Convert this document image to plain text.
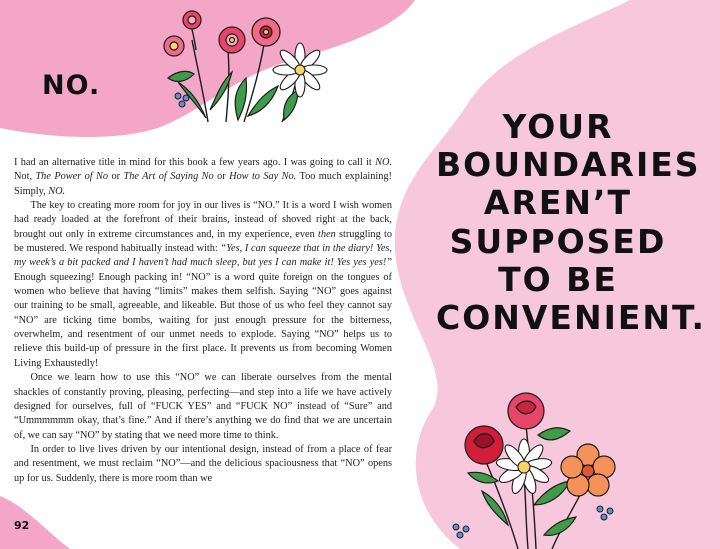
NO.

I had an alternative title in mind for this book a few years ago. I was going to call it NO. Not, The Power of No or The Art of Saying No or How to Say No. Too much explaining! Simply, NO.

The key to creating more room for joy in our lives is “NO.” It is a word I wish women had ready loaded at the forefront of their brains, instead of shoved right at the back, brought out only in extreme circumstances and, in my experience, even then struggling to be mustered. We respond habitually instead with: “Yes, I can squeeze that in the diary! Yes, my week’s a bit packed and I haven’t had much sleep, but yes I can make it! Yes yes yes!” Enough squeezing! Enough packing in! “NO” is a word quite foreign on the tongues of women who believe that having “limits” makes them selfish. Saying “NO” goes against our training to be small, agreeable, and likeable. But those of us who feel they cannot say “NO” are ticking time bombs, waiting for just enough pressure for the bitterness, overwhelm, and resentment of our unmet needs to explode. Saying “NO” helps us to relieve this build-up of pressure in the first place. It prevents us from becoming Women Living Exhaustedly!

Once we learn how to use this “NO” we can liberate ourselves from the mental shackles of constantly proving, pleasing, perfecting—and step into a life we have actively designed for ourselves, full of “FUCK YES” and “FUCK NO” instead of “Sure” and “Ummmmmm okay, that’s fine.” And if there’s anything we do find that we are uncertain of, we can say “NO” by stating that we need more time to think.

In order to live lives driven by our intentional design, instead of from a place of fear and resentment, we must reclaim “NO”—and the delicious spaciousness that “NO” opens up for us. Suddenly, there is more room than we

92
YOUR
BOUNDARIES
AREN’T
SUPPOSED
TO BE
CONVENIENT.
